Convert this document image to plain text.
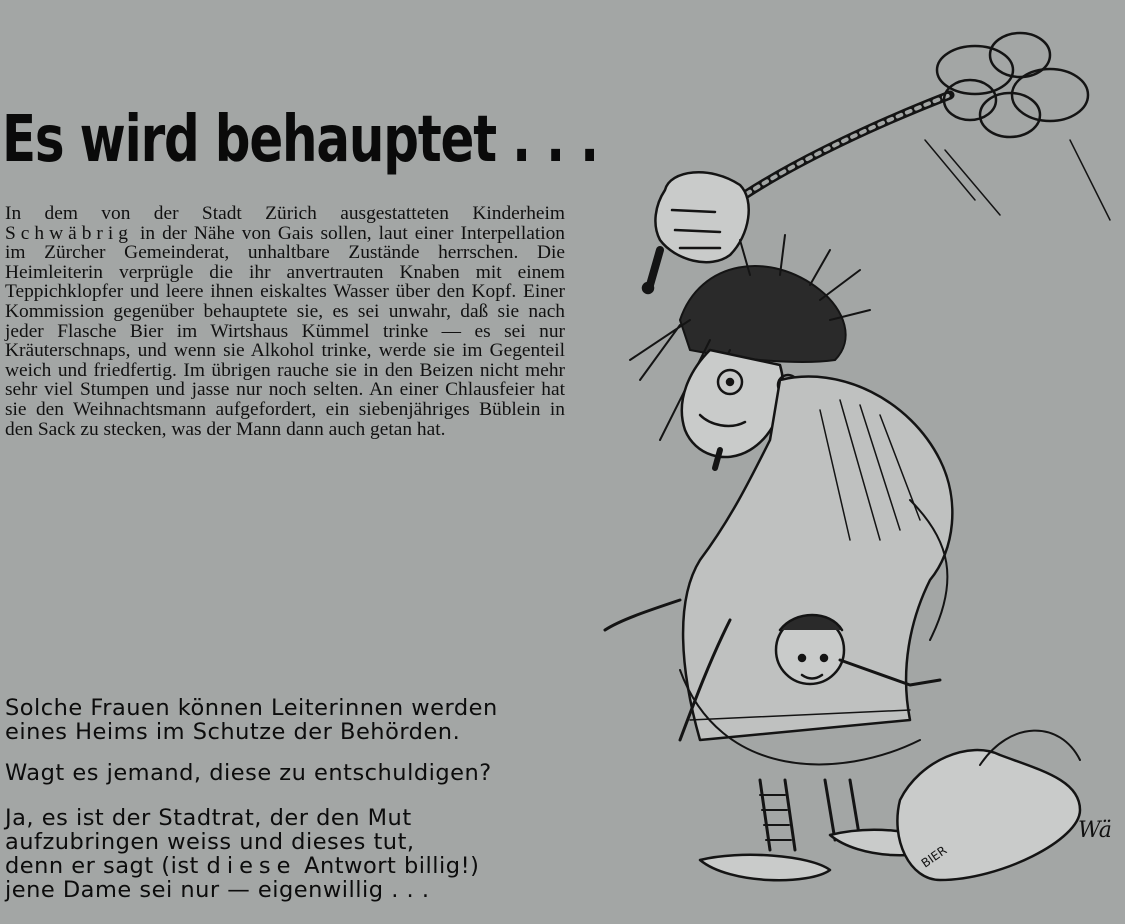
Es wird behauptet . . .

In dem von der Stadt Zürich ausgestatteten Kinderheim Schwäbrig in der Nähe von Gais sollen, laut einer Interpellation im Zürcher Gemeinderat, unhaltbare Zustände herrschen. Die Heimleiterin verprügle die ihr anvertrauten Knaben mit einem Teppichklopfer und leere ihnen eiskaltes Wasser über den Kopf. Einer Kommission gegenüber behauptete sie, es sei unwahr, daß sie nach jeder Flasche Bier im Wirtshaus Kümmel trinke — es sei nur Kräuterschnaps, und wenn sie Alkohol trinke, werde sie im Gegenteil weich und friedfertig. Im übrigen rauche sie in den Beizen nicht mehr sehr viel Stumpen und jasse nur noch selten. An einer Chlausfeier hat sie den Weihnachtsmann aufgefordert, ein siebenjähriges Büblein in den Sack zu stecken, was der Mann dann auch getan hat.

Solche Frauen können Leiterinnen werden
eines Heims im Schutze der Behörden.
Wagt es jemand, diese zu entschuldigen?
Ja, es ist der Stadtrat, der den Mut
aufzubringen weiss und dieses tut,
denn er sagt (ist diese Antwort billig!)
jene Dame sei nur — eigenwillig . . .
BIER
Wä
